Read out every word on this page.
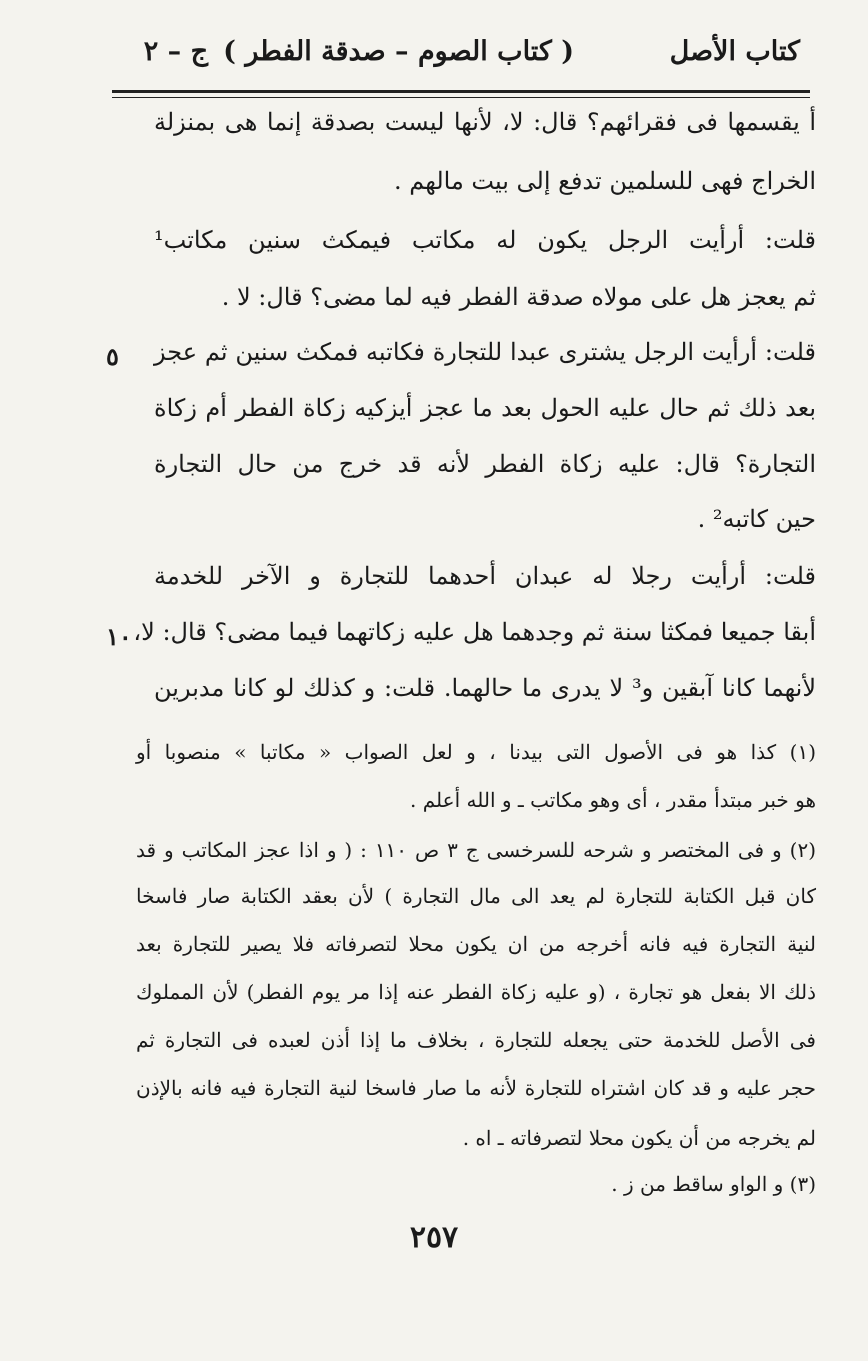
كتاب الأصل
( كتاب الصوم – صدقة الفطر )
ج – ٢
أ يقسمها فى فقرائهم؟ قال: لا، لأنها ليست بصدقة إنما هى بمنزلة
الخراج فهى للسلمين تدفع إلى بيت مالهم .
قلت: أرأيت الرجل يكون له مكاتب فيمكث سنين مكاتب¹
ثم يعجز هل على مولاه صدقة الفطر فيه لما مضى؟ قال: لا .
قلت: أرأيت الرجل يشترى عبدا للتجارة فكاتبه فمكث سنين ثم عجز
بعد ذلك ثم حال عليه الحول بعد ما عجز أيزكيه زكاة الفطر أم زكاة
التجارة؟ قال: عليه زكاة الفطر لأنه قد خرج من حال التجارة
حين كاتبه² .
قلت: أرأيت رجلا له عبدان أحدهما للتجارة و الآخر للخدمة
أبقا جميعا فمكثا سنة ثم وجدهما هل عليه زكاتهما فيما مضى؟ قال: لا،
لأنهما كانا آبقين و³ لا يدرى ما حالهما. قلت: و كذلك لو كانا مدبرين
٥
١٠
(١) كذا هو فى الأصول التى بيدنا ، و لعل الصواب « مكاتبا » منصوبا أو
هو خبر مبتدأ مقدر ، أى وهو مكاتب ـ و الله أعلم .
(٢) و فى المختصر و شرحه للسرخسى ج ٣ ص ١١٠ : ( و اذا عجز المكاتب و قد
كان قبل الكتابة للتجارة لم يعد الى مال التجارة ) لأن بعقد الكتابة صار فاسخا
لنية التجارة فيه فانه أخرجه من ان يكون محلا لتصرفاته فلا يصير للتجارة بعد
ذلك الا بفعل هو تجارة ، (و عليه زكاة الفطر عنه إذا مر يوم الفطر) لأن المملوك
فى الأصل للخدمة حتى يجعله للتجارة ، بخلاف ما إذا أذن لعبده فى التجارة ثم
حجر عليه و قد كان اشتراه للتجارة لأنه ما صار فاسخا لنية التجارة فيه فانه بالإذن
لم يخرجه من أن يكون محلا لتصرفاته ـ اه .
(٣) و الواو ساقط من ز .
٢٥٧
